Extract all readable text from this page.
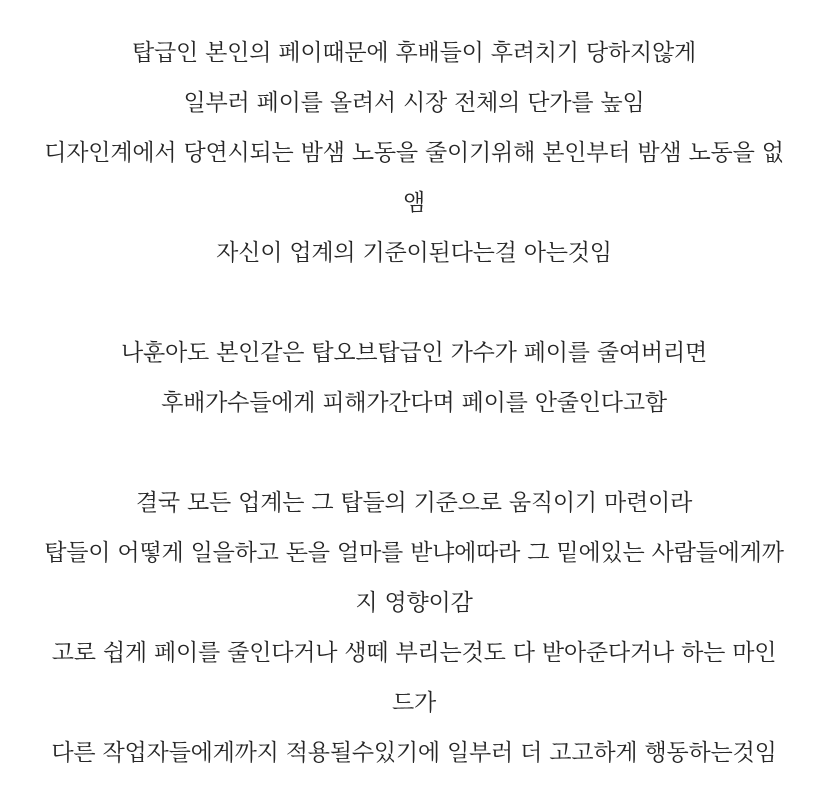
탑급인 본인의 페이때문에 후배들이 후려치기 당하지않게
일부러 페이를 올려서 시장 전체의 단가를 높임
디자인계에서 당연시되는 밤샘 노동을 줄이기위해 본인부터 밤샘 노동을 없
앰
자신이 업계의 기준이된다는걸 아는것임
나훈아도 본인같은 탑오브탑급인 가수가 페이를 줄여버리면
후배가수들에게 피해가간다며 페이를 안줄인다고함
결국 모든 업계는 그 탑들의 기준으로 움직이기 마련이라
탑들이 어떻게 일을하고 돈을 얼마를 받냐에따라 그 밑에있는 사람들에게까
지 영향이감
고로 쉽게 페이를 줄인다거나 생떼 부리는것도 다 받아준다거나 하는 마인
드가
다른 작업자들에게까지 적용될수있기에 일부러 더 고고하게 행동하는것임
